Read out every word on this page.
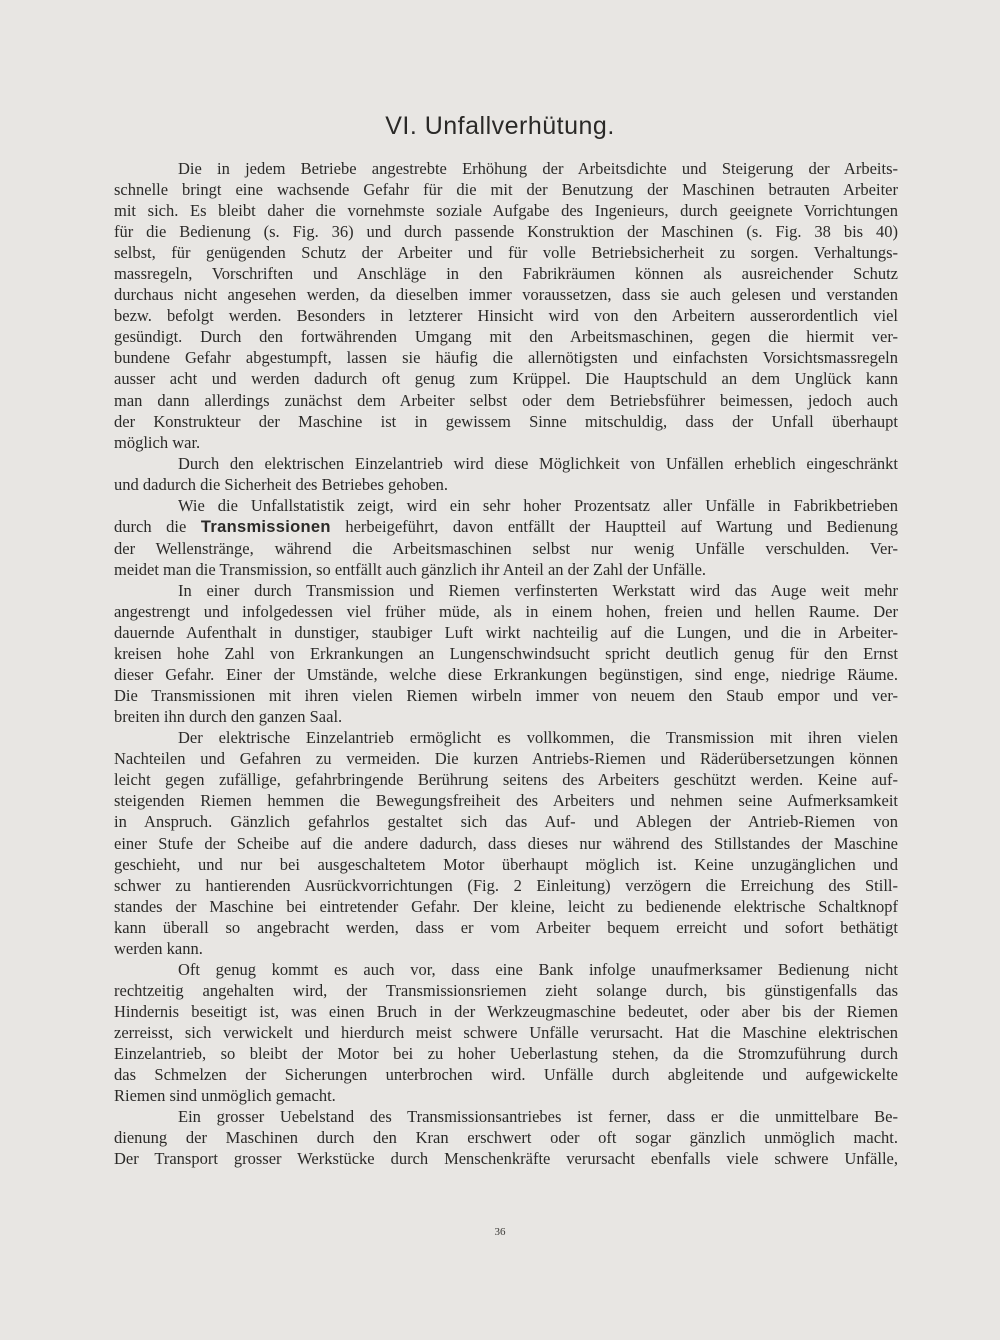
VI. Unfallverhütung.
Die in jedem Betriebe angestrebte Erhöhung der Arbeitsdichte und Steigerung der Arbeits-
schnelle bringt eine wachsende Gefahr für die mit der Benutzung der Maschinen betrauten Arbeiter
mit sich. Es bleibt daher die vornehmste soziale Aufgabe des Ingenieurs, durch geeignete Vorrichtungen
für die Bedienung (s. Fig. 36) und durch passende Konstruktion der Maschinen (s. Fig. 38 bis 40)
selbst, für genügenden Schutz der Arbeiter und für volle Betriebsicherheit zu sorgen. Verhaltungs-
massregeln, Vorschriften und Anschläge in den Fabrikräumen können als ausreichender Schutz
durchaus nicht angesehen werden, da dieselben immer voraussetzen, dass sie auch gelesen und verstanden
bezw. befolgt werden. Besonders in letzterer Hinsicht wird von den Arbeitern ausserordentlich viel
gesündigt. Durch den fortwährenden Umgang mit den Arbeitsmaschinen, gegen die hiermit ver-
bundene Gefahr abgestumpft, lassen sie häufig die allernötigsten und einfachsten Vorsichtsmassregeln
ausser acht und werden dadurch oft genug zum Krüppel. Die Hauptschuld an dem Unglück kann
man dann allerdings zunächst dem Arbeiter selbst oder dem Betriebsführer beimessen, jedoch auch
der Konstrukteur der Maschine ist in gewissem Sinne mitschuldig, dass der Unfall überhaupt
möglich war.
Durch den elektrischen Einzelantrieb wird diese Möglichkeit von Unfällen erheblich eingeschränkt
und dadurch die Sicherheit des Betriebes gehoben.
Wie die Unfallstatistik zeigt, wird ein sehr hoher Prozentsatz aller Unfälle in Fabrikbetrieben
durch die Transmissionen herbeigeführt, davon entfällt der Hauptteil auf Wartung und Bedienung
der Wellenstränge, während die Arbeitsmaschinen selbst nur wenig Unfälle verschulden. Ver-
meidet man die Transmission, so entfällt auch gänzlich ihr Anteil an der Zahl der Unfälle.
In einer durch Transmission und Riemen verfinsterten Werkstatt wird das Auge weit mehr
angestrengt und infolgedessen viel früher müde, als in einem hohen, freien und hellen Raume. Der
dauernde Aufenthalt in dunstiger, staubiger Luft wirkt nachteilig auf die Lungen, und die in Arbeiter-
kreisen hohe Zahl von Erkrankungen an Lungenschwindsucht spricht deutlich genug für den Ernst
dieser Gefahr. Einer der Umstände, welche diese Erkrankungen begünstigen, sind enge, niedrige Räume.
Die Transmissionen mit ihren vielen Riemen wirbeln immer von neuem den Staub empor und ver-
breiten ihn durch den ganzen Saal.
Der elektrische Einzelantrieb ermöglicht es vollkommen, die Transmission mit ihren vielen
Nachteilen und Gefahren zu vermeiden. Die kurzen Antriebs-Riemen und Räderübersetzungen können
leicht gegen zufällige, gefahrbringende Berührung seitens des Arbeiters geschützt werden. Keine auf-
steigenden Riemen hemmen die Bewegungsfreiheit des Arbeiters und nehmen seine Aufmerksamkeit
in Anspruch. Gänzlich gefahrlos gestaltet sich das Auf- und Ablegen der Antrieb-Riemen von
einer Stufe der Scheibe auf die andere dadurch, dass dieses nur während des Stillstandes der Maschine
geschieht, und nur bei ausgeschaltetem Motor überhaupt möglich ist. Keine unzugänglichen und
schwer zu hantierenden Ausrückvorrichtungen (Fig. 2 Einleitung) verzögern die Erreichung des Still-
standes der Maschine bei eintretender Gefahr. Der kleine, leicht zu bedienende elektrische Schaltknopf
kann überall so angebracht werden, dass er vom Arbeiter bequem erreicht und sofort bethätigt
werden kann.
Oft genug kommt es auch vor, dass eine Bank infolge unaufmerksamer Bedienung nicht
rechtzeitig angehalten wird, der Transmissionsriemen zieht solange durch, bis günstigenfalls das
Hindernis beseitigt ist, was einen Bruch in der Werkzeugmaschine bedeutet, oder aber bis der Riemen
zerreisst, sich verwickelt und hierdurch meist schwere Unfälle verursacht. Hat die Maschine elektrischen
Einzelantrieb, so bleibt der Motor bei zu hoher Ueberlastung stehen, da die Stromzuführung durch
das Schmelzen der Sicherungen unterbrochen wird. Unfälle durch abgleitende und aufgewickelte
Riemen sind unmöglich gemacht.
Ein grosser Uebelstand des Transmissionsantriebes ist ferner, dass er die unmittelbare Be-
dienung der Maschinen durch den Kran erschwert oder oft sogar gänzlich unmöglich macht.
Der Transport grosser Werkstücke durch Menschenkräfte verursacht ebenfalls viele schwere Unfälle,
36
